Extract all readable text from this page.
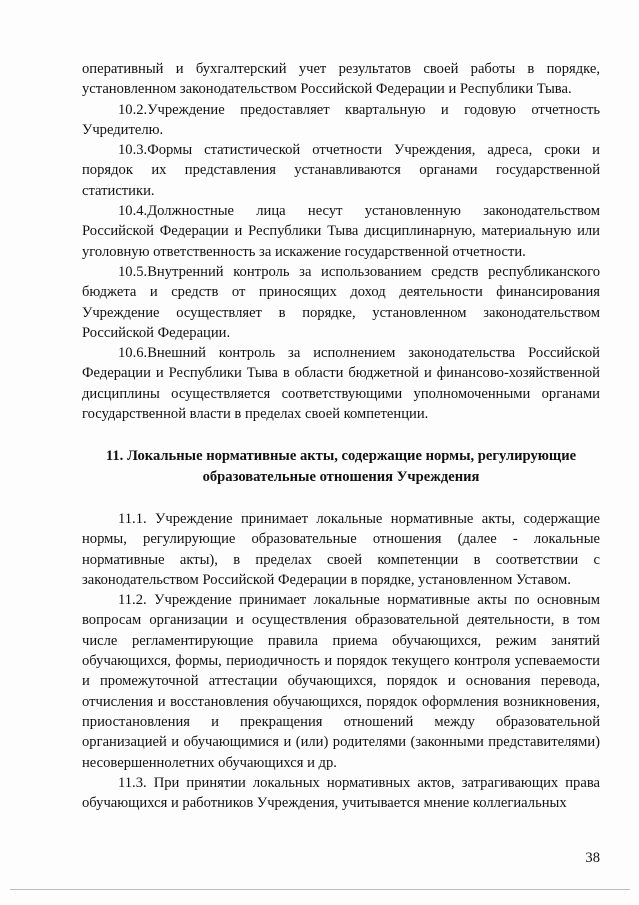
оперативный и бухгалтерский учет результатов своей работы в порядке, установленном законодательством Российской Федерации и Республики Тыва.

10.2.Учреждение предоставляет квартальную и годовую отчетность Учредителю.

10.3.Формы статистической отчетности Учреждения, адреса, сроки и порядок их представления устанавливаются органами государственной статистики.

10.4.Должностные лица несут установленную законодательством Российской Федерации и Республики Тыва дисциплинарную, материальную или уголовную ответственность за искажение государственной отчетности.

10.5.Внутренний контроль за использованием средств республиканского бюджета и средств от приносящих доход деятельности финансирования Учреждение осуществляет в порядке, установленном законодательством Российской Федерации.

10.6.Внешний контроль за исполнением законодательства Российской Федерации и Республики Тыва в области бюджетной и финансово-хозяйственной дисциплины осуществляется соответствующими уполномоченными органами государственной власти в пределах своей компетенции.

11. Локальные нормативные акты, содержащие нормы, регулирующие образовательные отношения Учреждения

11.1. Учреждение принимает локальные нормативные акты, содержащие нормы, регулирующие образовательные отношения (далее - локальные нормативные акты), в пределах своей компетенции в соответствии с законодательством Российской Федерации в порядке, установленном Уставом.

11.2. Учреждение принимает локальные нормативные акты по основным вопросам организации и осуществления образовательной деятельности, в том числе регламентирующие правила приема обучающихся, режим занятий обучающихся, формы, периодичность и порядок текущего контроля успеваемости и промежуточной аттестации обучающихся, порядок и основания перевода, отчисления и восстановления обучающихся, порядок оформления возникновения, приостановления и прекращения отношений между образовательной организацией и обучающимися и (или) родителями (законными представителями) несовершеннолетних обучающихся и др.

11.3. При принятии локальных нормативных актов, затрагивающих права обучающихся и работников Учреждения, учитывается мнение коллегиальных

38
